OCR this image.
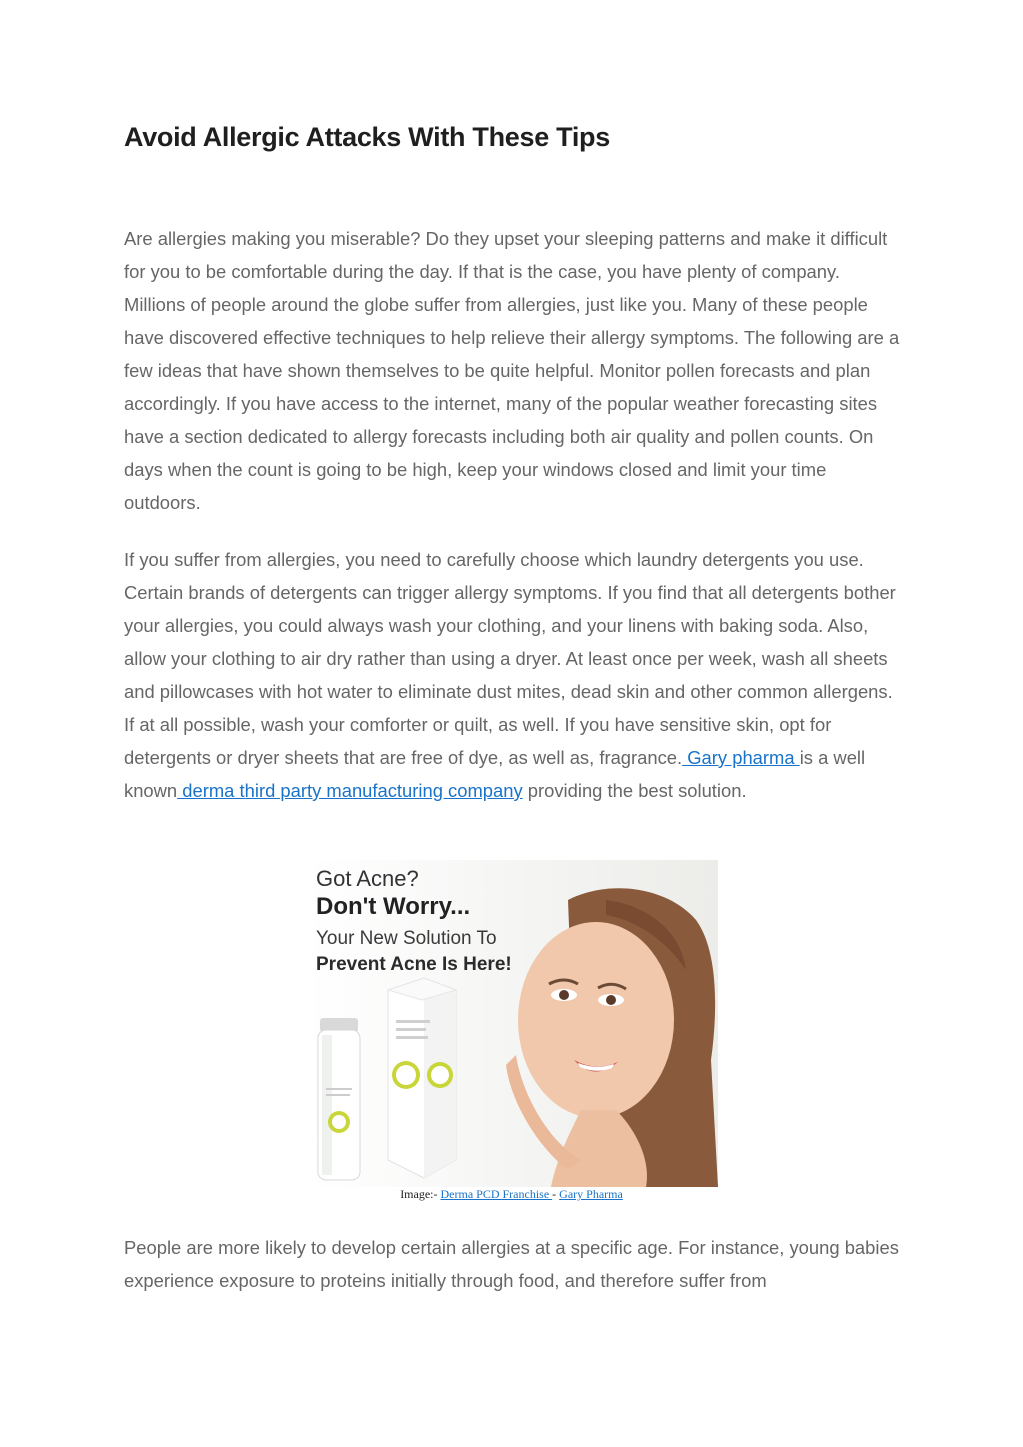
Avoid Allergic Attacks With These Tips

Are allergies making you miserable? Do they upset your sleeping patterns and make it difficult for you to be comfortable during the day. If that is the case, you have plenty of company. Millions of people around the globe suffer from allergies, just like you. Many of these people have discovered effective techniques to help relieve their allergy symptoms. The following are a few ideas that have shown themselves to be quite helpful. Monitor pollen forecasts and plan accordingly. If you have access to the internet, many of the popular weather forecasting sites have a section dedicated to allergy forecasts including both air quality and pollen counts. On days when the count is going to be high, keep your windows closed and limit your time outdoors.

If you suffer from allergies, you need to carefully choose which laundry detergents you use. Certain brands of detergents can trigger allergy symptoms. If you find that all detergents bother your allergies, you could always wash your clothing, and your linens with baking soda. Also, allow your clothing to air dry rather than using a dryer. At least once per week, wash all sheets and pillowcases with hot water to eliminate dust mites, dead skin and other common allergens. If at all possible, wash your comforter or quilt, as well. If you have sensitive skin, opt for detergents or dryer sheets that are free of dye, as well as, fragrance. Gary pharma is a well known derma third party manufacturing company providing the best solution.

Got Acne?

Don't Worry...

Your New Solution To

Prevent Acne Is Here!

Image:- Derma PCD Franchise - Gary Pharma

People are more likely to develop certain allergies at a specific age. For instance, young babies experience exposure to proteins initially through food, and therefore suffer from
